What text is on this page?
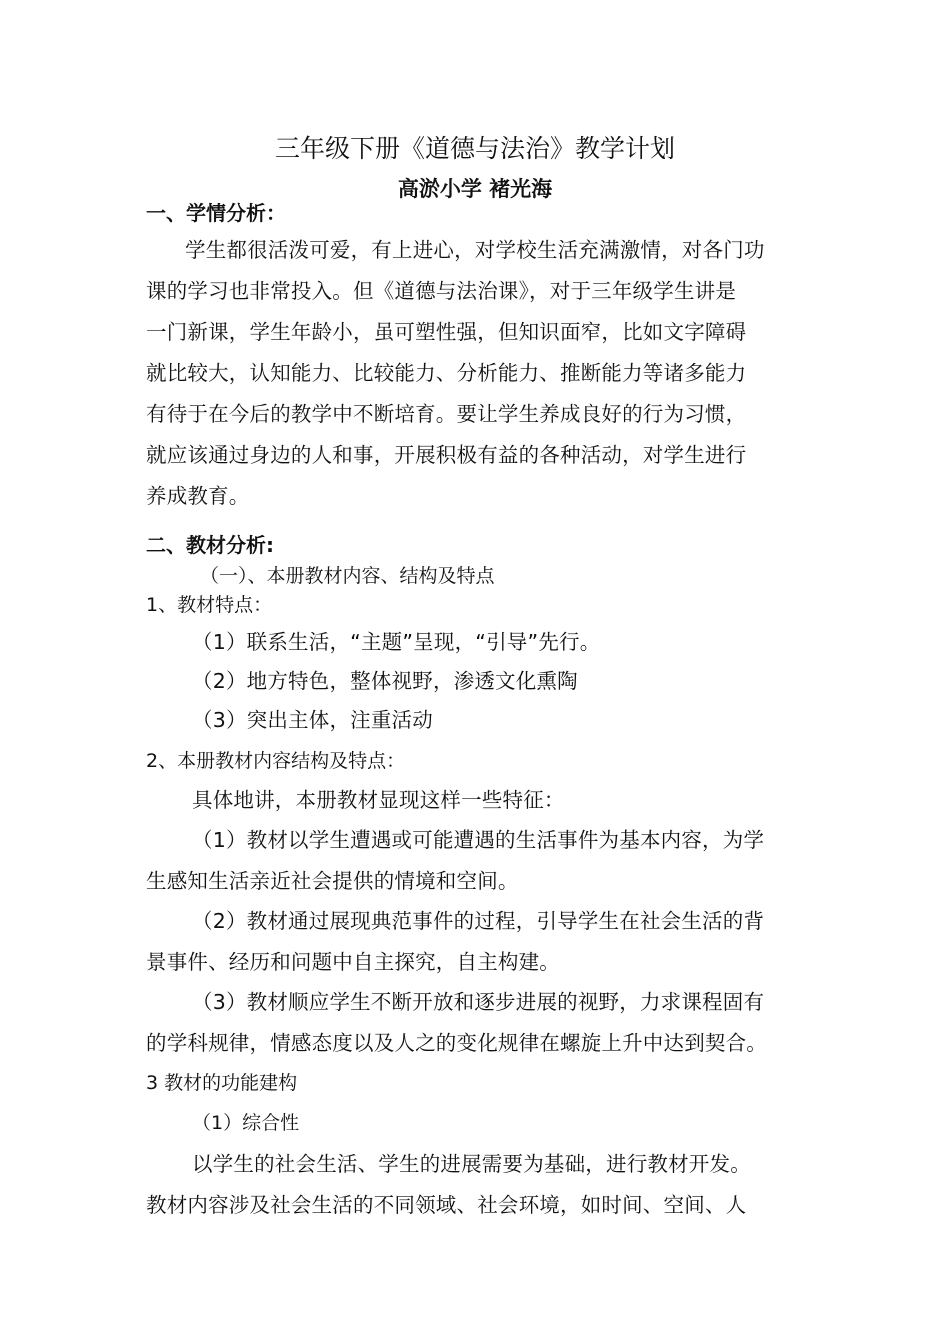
三年级下册《道德与法治》教学计划
高淤小学 褚光海
一、学情分析：
学生都很活泼可爱，有上进心，对学校生活充满激情，对各门功
课的学习也非常投入。但《道德与法治课》，对于三年级学生讲是
一门新课，学生年龄小，虽可塑性强，但知识面窄，比如文字障碍
就比较大，认知能力、比较能力、分析能力、推断能力等诸多能力
有待于在今后的教学中不断培育。要让学生养成良好的行为习惯，
就应该通过身边的人和事，开展积极有益的各种活动，对学生进行
养成教育。
二、教材分析:
（一）、本册教材内容、结构及特点
1、教材特点：
（1）联系生活，“主题”呈现，“引导”先行。
（2）地方特色，整体视野，渗透文化熏陶
（3）突出主体，注重活动
2、本册教材内容结构及特点：
具体地讲，本册教材显现这样一些特征：
（1）教材以学生遭遇或可能遭遇的生活事件为基本内容，为学
生感知生活亲近社会提供的情境和空间。
（2）教材通过展现典范事件的过程，引导学生在社会生活的背
景事件、经历和问题中自主探究，自主构建。
（3）教材顺应学生不断开放和逐步进展的视野，力求课程固有
的学科规律，情感态度以及人之的变化规律在螺旋上升中达到契合。
3 教材的功能建构
（1）综合性
以学生的社会生活、学生的进展需要为基础，进行教材开发。
教材内容涉及社会生活的不同领域、社会环境，如时间、空间、人
